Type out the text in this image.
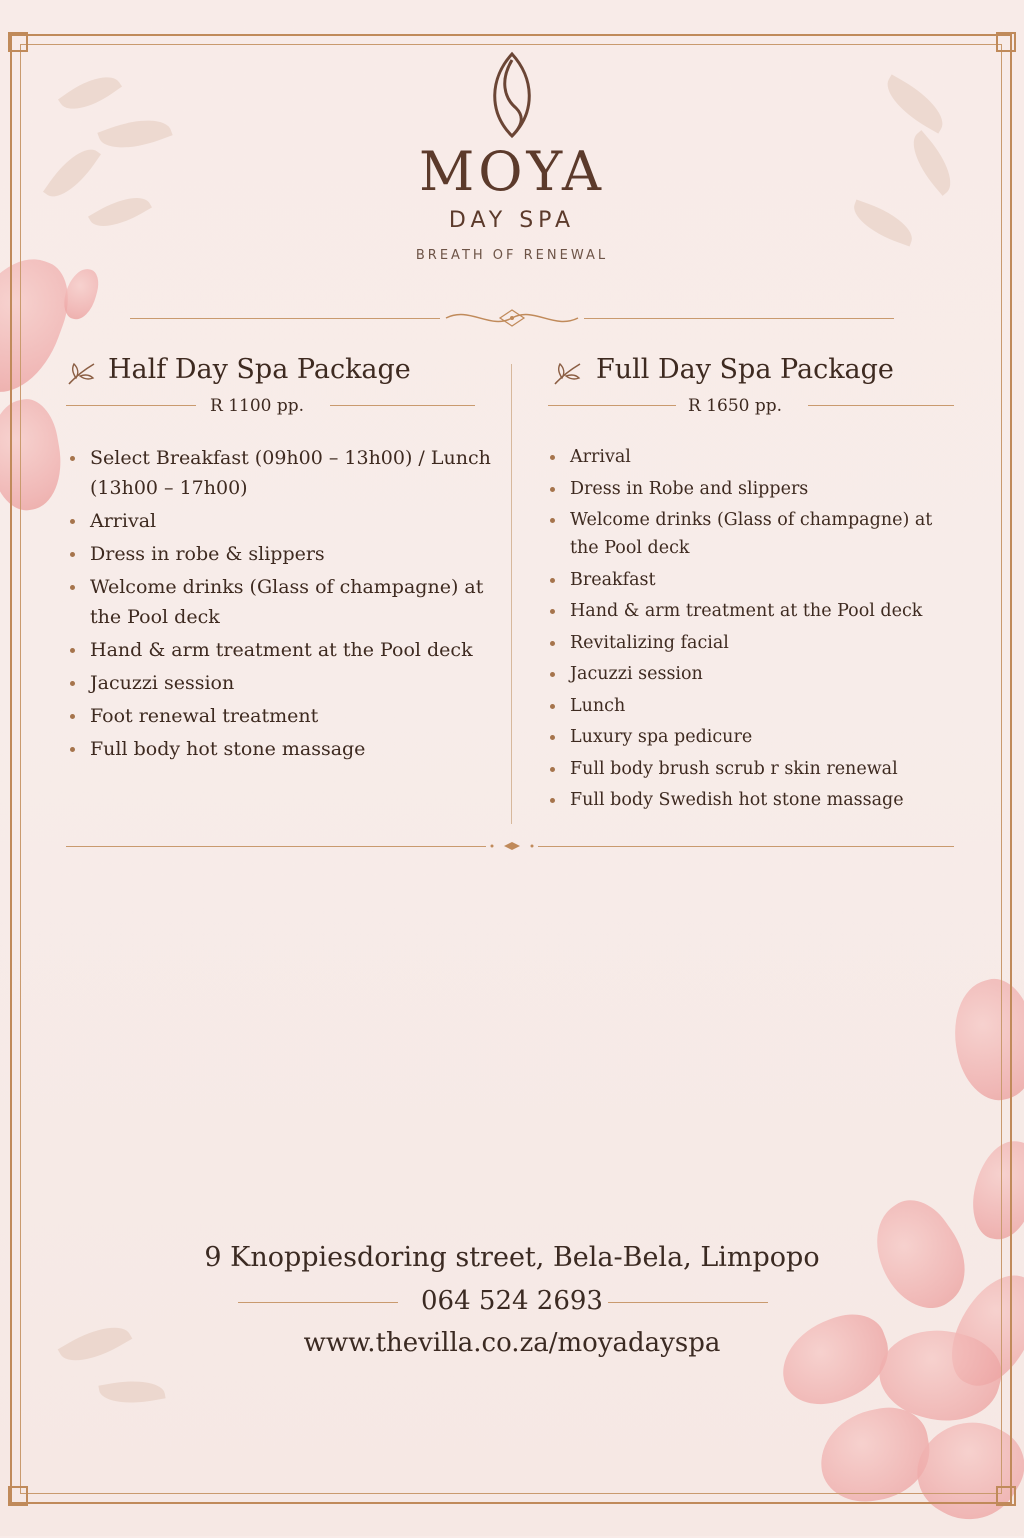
MOYA
DAY SPA
BREATH OF RENEWAL
Half Day Spa Package
R 1100 pp.
Select Breakfast (09h00 – 13h00) / Lunch (13h00 – 17h00)
Arrival
Dress in robe & slippers
Welcome drinks (Glass of champagne) at the Pool deck
Hand & arm treatment at the Pool deck
Jacuzzi session
Foot renewal treatment
Full body hot stone massage
Full Day Spa Package
R 1650 pp.
Arrival
Dress in Robe and slippers
Welcome drinks (Glass of champagne) at the Pool deck
Breakfast
Hand & arm treatment at the Pool deck
Revitalizing facial
Jacuzzi session
Lunch
Luxury spa pedicure
Full body brush scrub r skin renewal
Full body Swedish hot stone massage
9 Knoppiesdoring street, Bela-Bela, Limpopo
064 524 2693
www.thevilla.co.za/moyadayspa
